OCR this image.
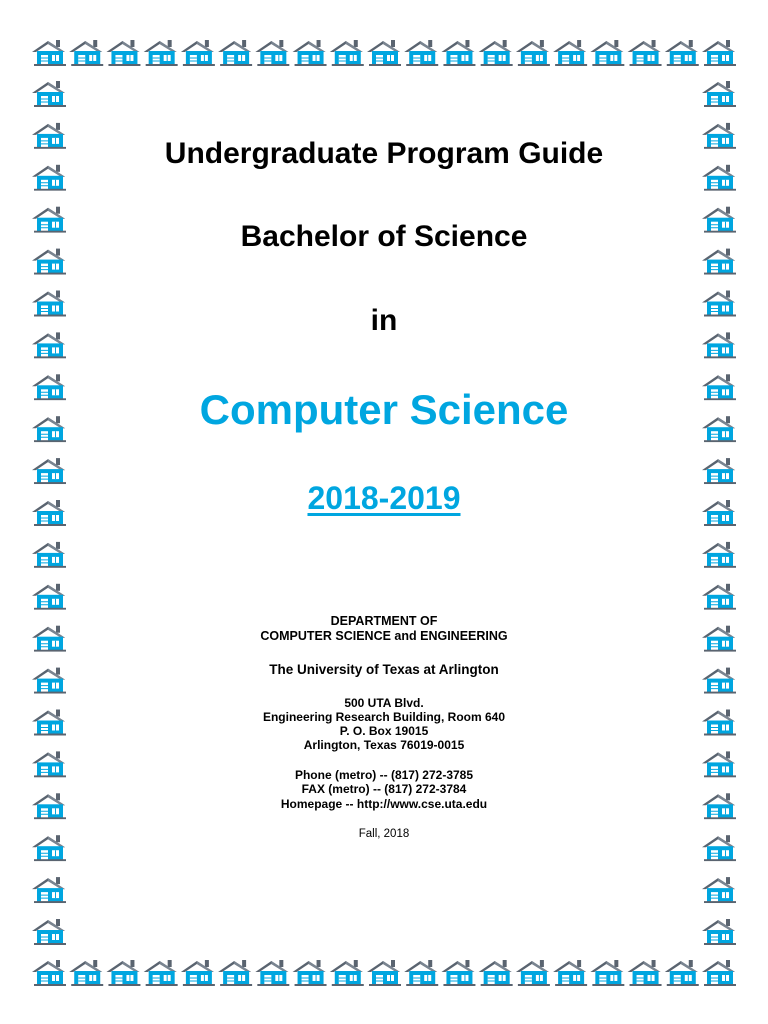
Undergraduate Program Guide
Bachelor of Science
in
Computer Science
2018-2019
DEPARTMENT OF
COMPUTER SCIENCE and ENGINEERING
The University of Texas at Arlington
500 UTA Blvd.
Engineering Research Building, Room 640
P. O. Box 19015
Arlington, Texas 76019-0015
Phone (metro) -- (817) 272-3785
FAX (metro) -- (817) 272-3784
Homepage -- http://www.cse.uta.edu
Fall, 2018
